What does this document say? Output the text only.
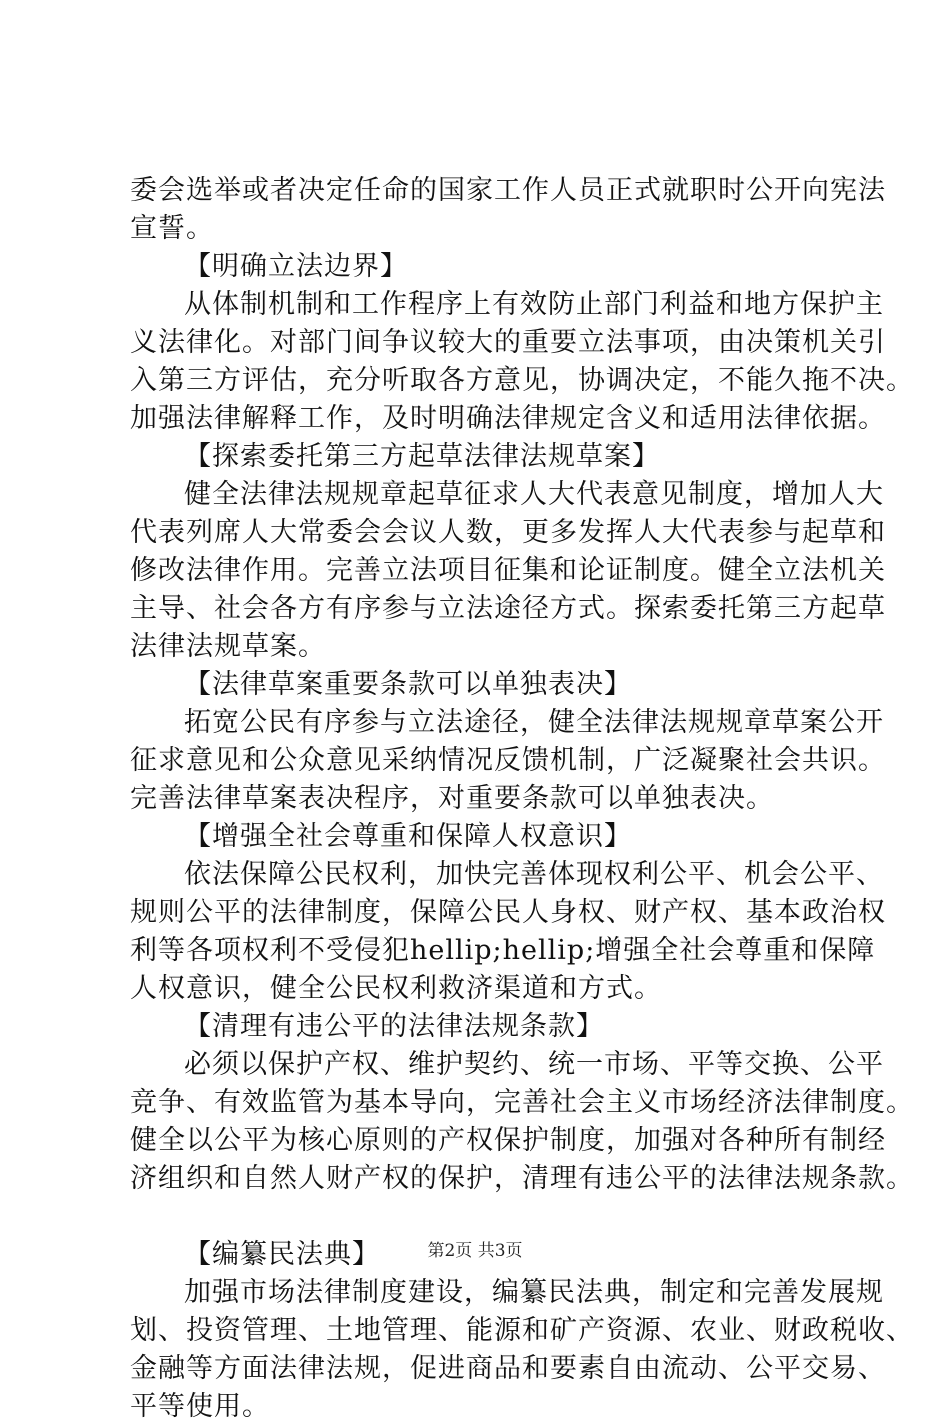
委会选举或者决定任命的国家工作人员正式就职时公开向宪法
宣誓。
【明确立法边界】
从体制机制和工作程序上有效防止部门利益和地方保护主
义法律化。对部门间争议较大的重要立法事项，由决策机关引
入第三方评估，充分听取各方意见，协调决定，不能久拖不决。
加强法律解释工作，及时明确法律规定含义和适用法律依据。
【探索委托第三方起草法律法规草案】
健全法律法规规章起草征求人大代表意见制度，增加人大
代表列席人大常委会会议人数，更多发挥人大代表参与起草和
修改法律作用。完善立法项目征集和论证制度。健全立法机关
主导、社会各方有序参与立法途径方式。探索委托第三方起草
法律法规草案。
【法律草案重要条款可以单独表决】
拓宽公民有序参与立法途径，健全法律法规规章草案公开
征求意见和公众意见采纳情况反馈机制，广泛凝聚社会共识。
完善法律草案表决程序，对重要条款可以单独表决。
【增强全社会尊重和保障人权意识】
依法保障公民权利，加快完善体现权利公平、机会公平、
规则公平的法律制度，保障公民人身权、财产权、基本政治权
利等各项权利不受侵犯hellip;hellip;增强全社会尊重和保障
人权意识，健全公民权利救济渠道和方式。
【清理有违公平的法律法规条款】
必须以保护产权、维护契约、统一市场、平等交换、公平
竞争、有效监管为基本导向，完善社会主义市场经济法律制度。
健全以公平为核心原则的产权保护制度，加强对各种所有制经
济组织和自然人财产权的保护，清理有违公平的法律法规条款。
【编纂民法典】
加强市场法律制度建设，编纂民法典，制定和完善发展规
划、投资管理、土地管理、能源和矿产资源、农业、财政税收、
金融等方面法律法规，促进商品和要素自由流动、公平交易、
平等使用。
第2页 共3页
